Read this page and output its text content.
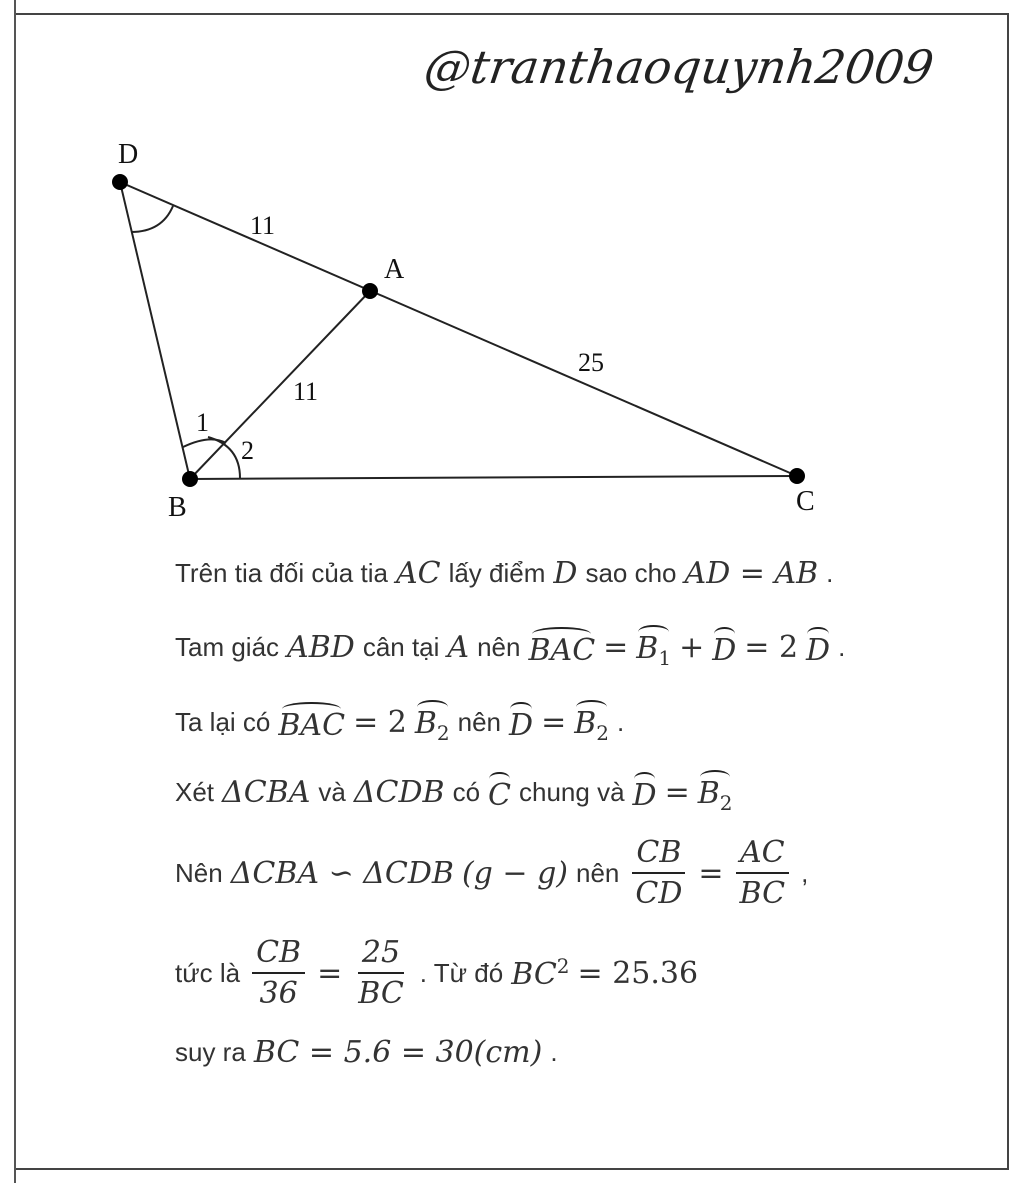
@tranthaoquynh2009
D
A
B	C
11
11
25
1
2
Trên tia đối của tia AC lấy điểm D sao cho AD = AB .
Tam giác ABD cân tại A nên BAC = $B_1 + D = 2$ D .
Ta lại có BAC = 2 $B_2$ nên $D = B_2$ .
Xét ΔCBA và ΔCDB có C chung và $D = B_2$
Nên ΔCBA ∽ ΔCDB (g − g) nên $\frac{CB}{CD} = \frac{AC}{BC}$ ,
tức là $\frac{CB}{36} = \frac{25}{BC}$ . Từ đó $BC^2 = 25.36$
suy ra BC = 5.6 = 30(cm) .
